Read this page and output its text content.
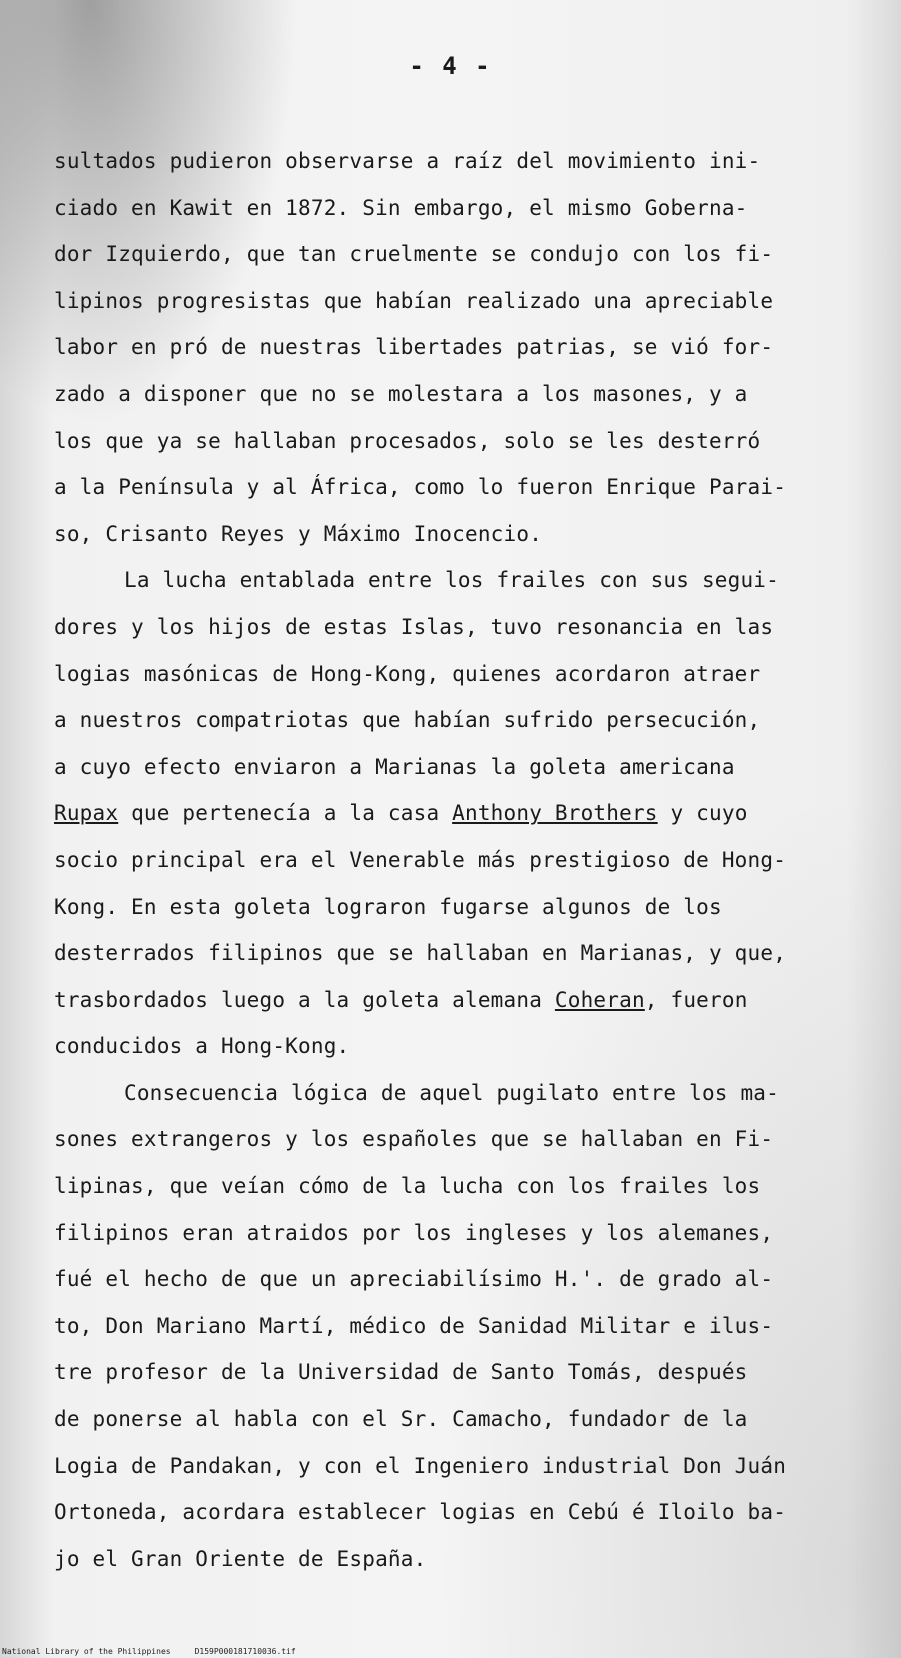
- 4 -
sultados pudieron observarse a raíz del movimiento ini-
ciado en Kawit en 1872. Sin embargo, el mismo Goberna-
dor Izquierdo, que tan cruelmente se condujo con los fi-
lipinos progresistas que habían realizado una apreciable
labor en pró de nuestras libertades patrias, se vió for-
zado a disponer que no se molestara a los masones, y a
los que ya se hallaban procesados, solo se les desterró
a la Península y al África, como lo fueron Enrique Parai-
so, Crisanto Reyes y Máximo Inocencio.
La lucha entablada entre los frailes con sus segui-
dores y los hijos de estas Islas, tuvo resonancia en las
logias masónicas de Hong-Kong, quienes acordaron atraer
a nuestros compatriotas que habían sufrido persecución,
a cuyo efecto enviaron a Marianas la goleta americana
Rupax que pertenecía a la casa Anthony Brothers y cuyo
socio principal era el Venerable más prestigioso de Hong-
Kong. En esta goleta lograron fugarse algunos de los
desterrados filipinos que se hallaban en Marianas, y que,
trasbordados luego a la goleta alemana Coheran, fueron
conducidos a Hong-Kong.
Consecuencia lógica de aquel pugilato entre los ma-
sones extrangeros y los españoles que se hallaban en Fi-
lipinas, que veían cómo de la lucha con los frailes los
filipinos eran atraidos por los ingleses y los alemanes,
fué el hecho de que un apreciabilísimo H.'. de grado al-
to, Don Mariano Martí, médico de Sanidad Militar e ilus-
tre profesor de la Universidad de Santo Tomás, después
de ponerse al habla con el Sr. Camacho, fundador de la
Logia de Pandakan, y con el Ingeniero industrial Don Juán
Ortoneda, acordara establecer logias en Cebú é Iloilo ba-
jo el Gran Oriente de España.
National Library of the Philippines	D159P000181710036.tif
